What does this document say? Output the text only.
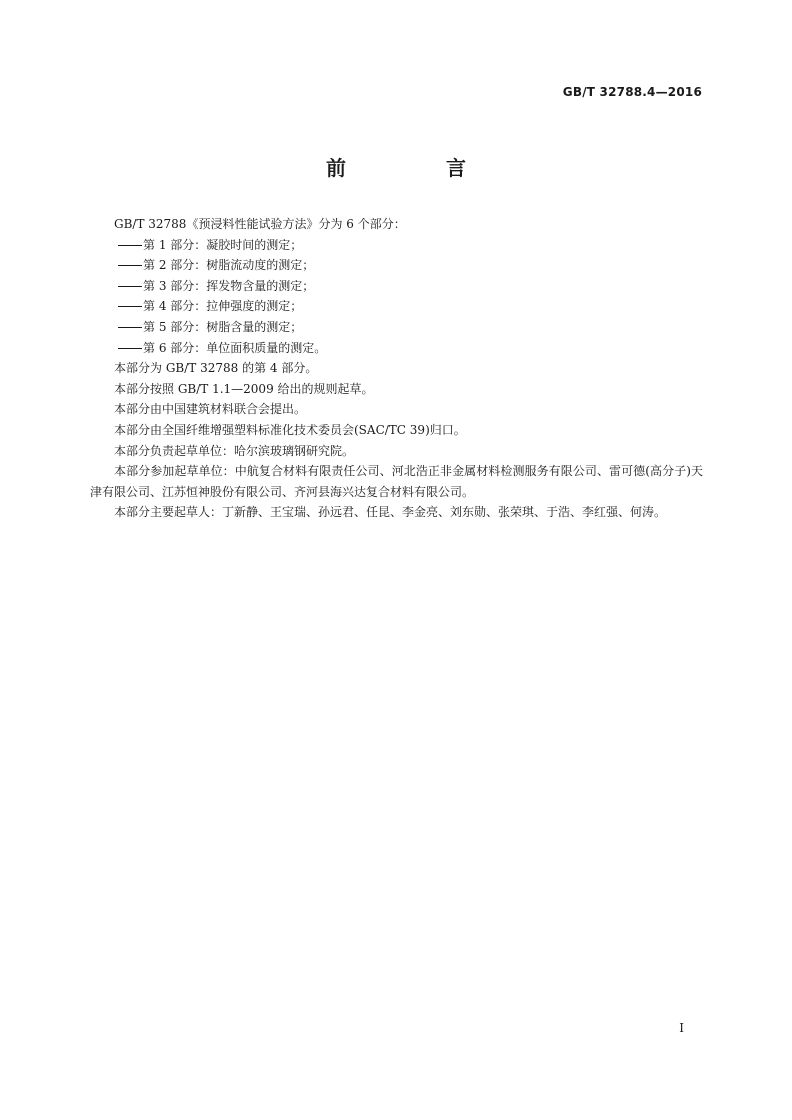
GB/T 32788.4—2016
前　言

GB/T 32788《预浸料性能试验方法》分为 6 个部分：

第 1 部分：凝胶时间的测定；

第 2 部分：树脂流动度的测定；

第 3 部分：挥发物含量的测定；

第 4 部分：拉伸强度的测定；

第 5 部分：树脂含量的测定；

第 6 部分：单位面积质量的测定。

本部分为 GB/T 32788 的第 4 部分。

本部分按照 GB/T 1.1—2009 给出的规则起草。

本部分由中国建筑材料联合会提出。

本部分由全国纤维增强塑料标准化技术委员会(SAC/TC 39)归口。

本部分负责起草单位：哈尔滨玻璃钢研究院。

本部分参加起草单位：中航复合材料有限责任公司、河北浩正非金属材料检测服务有限公司、雷可德(高分子)天津有限公司、江苏恒神股份有限公司、齐河县海兴达复合材料有限公司。

本部分主要起草人：丁新静、王宝瑞、孙远君、任昆、李金亮、刘东勋、张荣琪、于浩、李红强、何涛。

I
